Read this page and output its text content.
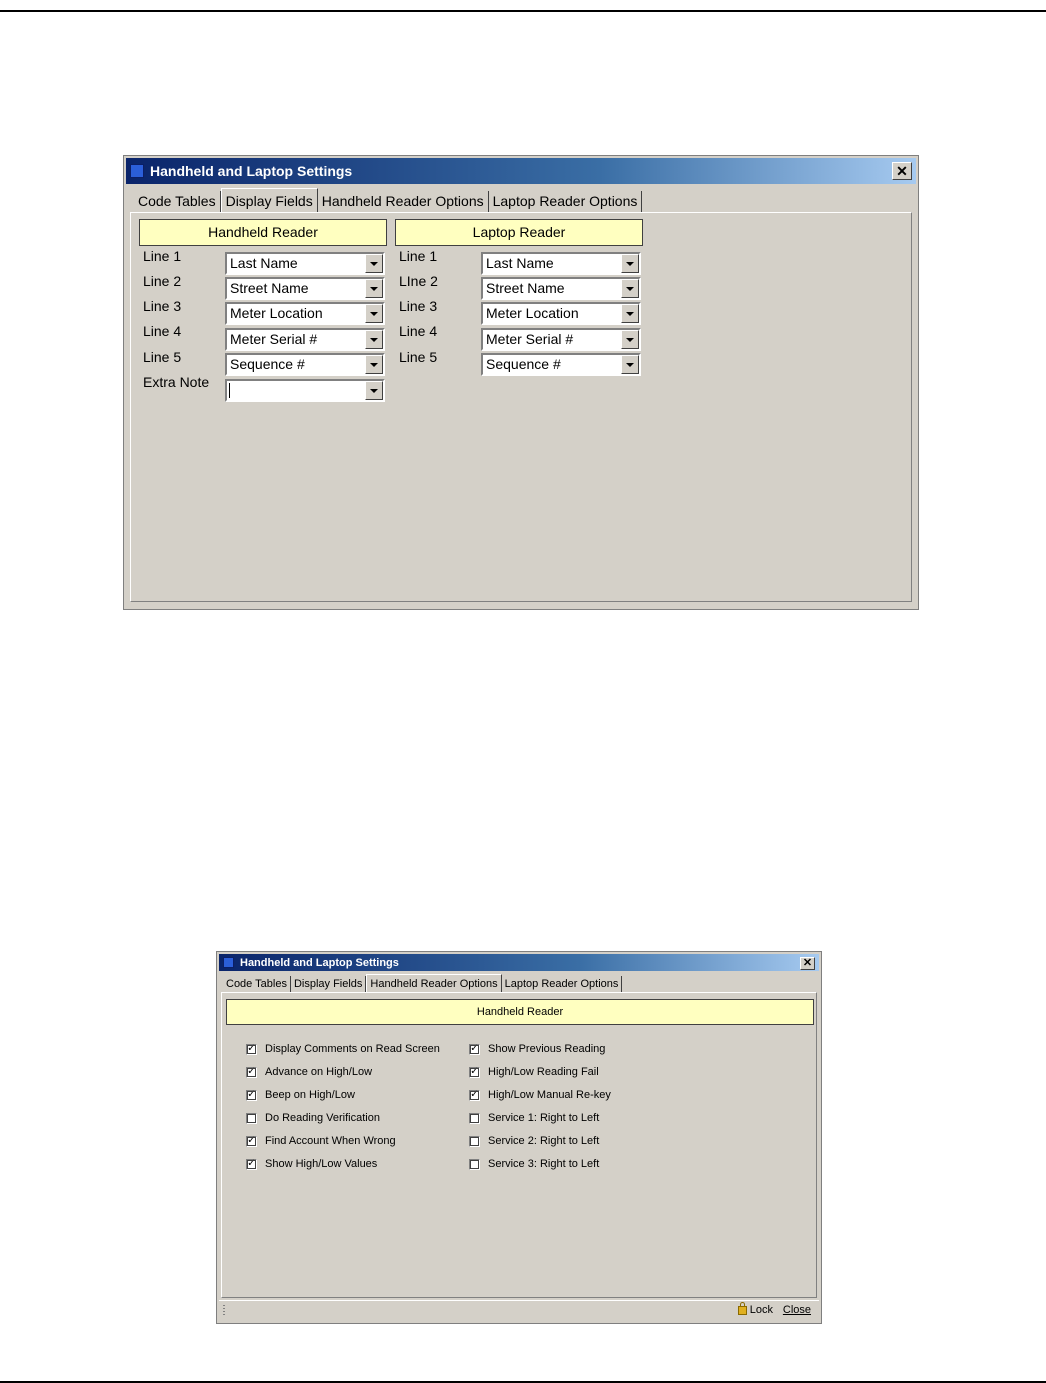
Handheld and Laptop Settings	✕
Code Tables Display Fields Handheld Reader Options Laptop Reader Options
Handheld Reader
Line 1	Last Name
Line 2	Street Name
Line 3	Meter Location
Line 4	Meter Serial #
Line 5	Sequence #
Extra Note
Laptop Reader
Line 1	Last Name
LIne 2	Street Name
Line 3	Meter Location
Line 4	Meter Serial #
Line 5	Sequence #
Handheld and Laptop Settings	✕
Code Tables Display Fields Handheld Reader Options Laptop Reader Options
Handheld Reader
✓ Display Comments on Read Screen
✓ Advance on High/Low
✓ Beep on High/Low
Do Reading Verification
✓ Find Account When Wrong
✓ Show High/Low Values
✓ Show Previous Reading
✓ High/Low Reading Fail
✓ High/Low Manual Re-key
Service 1: Right to Left
Service 2: Right to Left
Service 3: Right to Left
Lock Close
